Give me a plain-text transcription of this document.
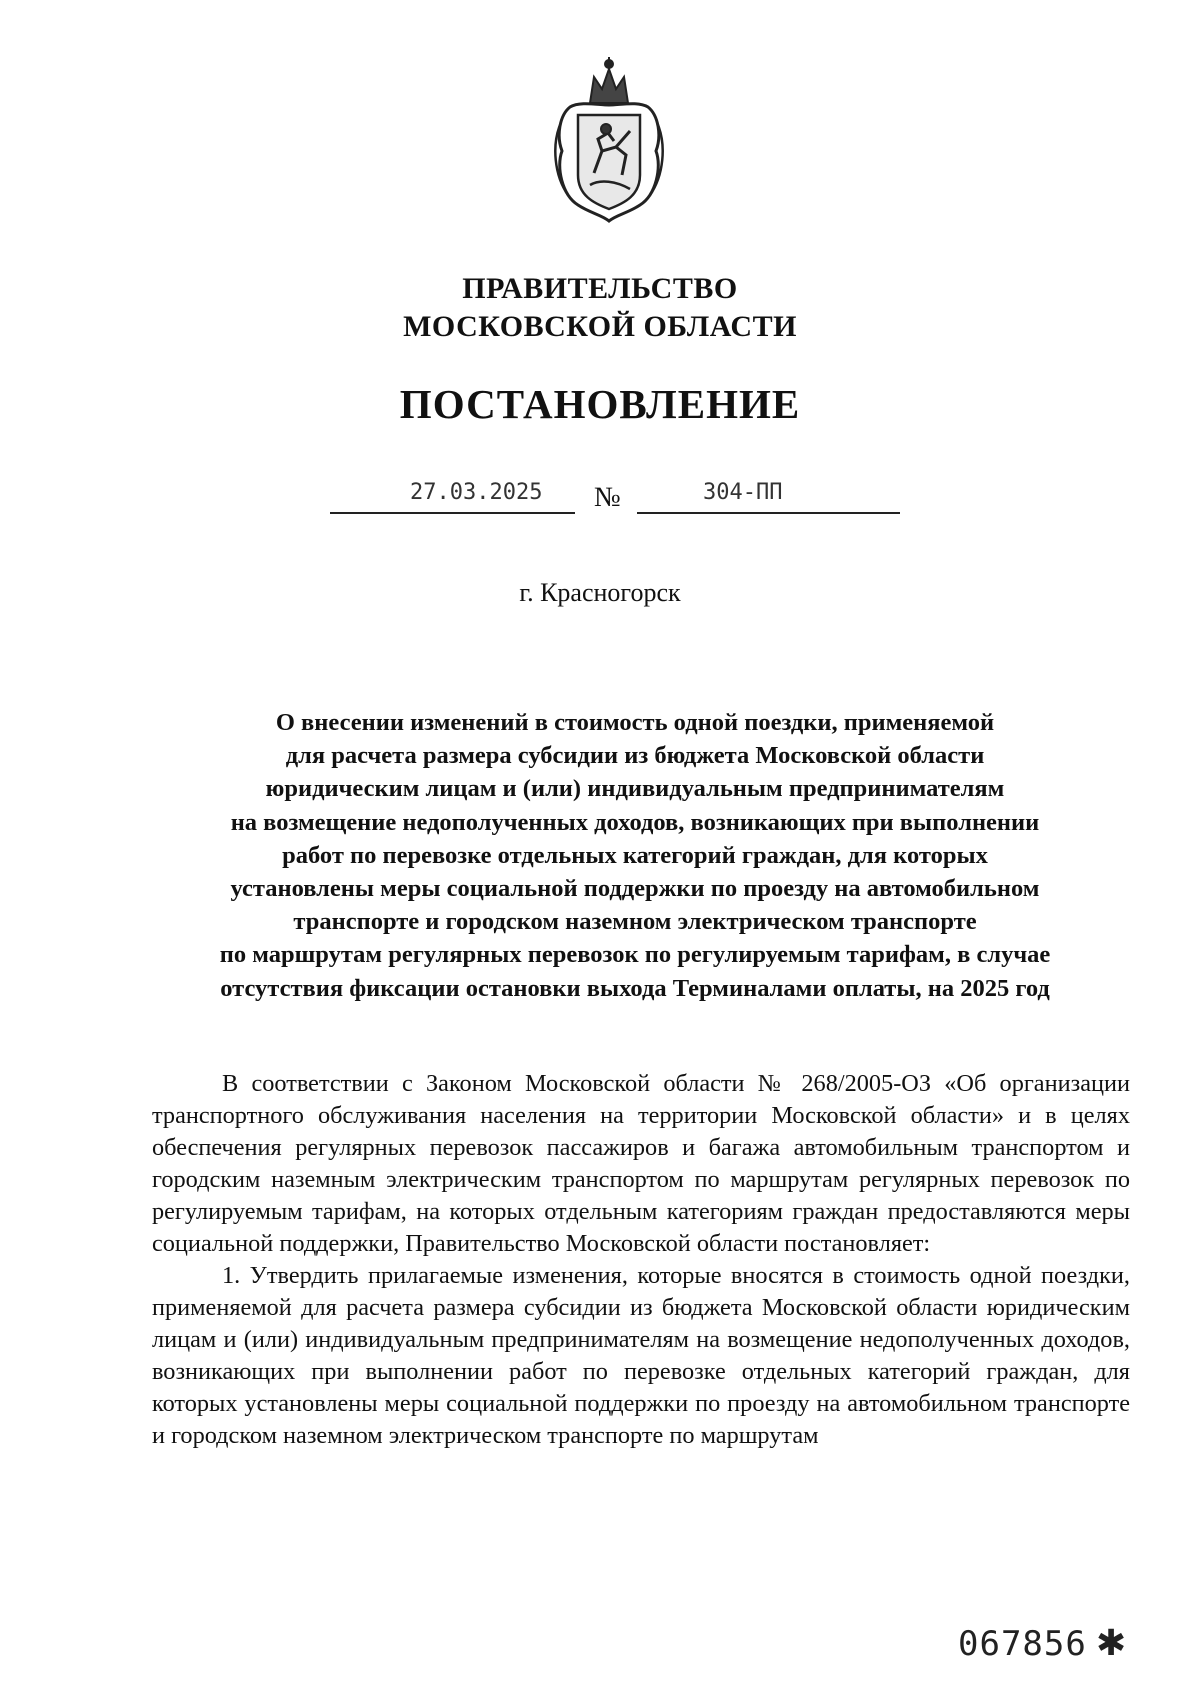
ПРАВИТЕЛЬСТВО
МОСКОВСКОЙ ОБЛАСТИ
ПОСТАНОВЛЕНИЕ
27.03.2025 №	304-ПП
г. Красногорск
О внесении изменений в стоимость одной поездки, применяемой
для расчета размера субсидии из бюджета Московской области
юридическим лицам и (или) индивидуальным предпринимателям
на возмещение недополученных доходов, возникающих при выполнении
работ по перевозке отдельных категорий граждан, для которых
установлены меры социальной поддержки по проезду на автомобильном
транспорте и городском наземном электрическом транспорте
по маршрутам регулярных перевозок по регулируемым тарифам, в случае
отсутствия фиксации остановки выхода Терминалами оплаты, на 2025 год

В соответствии с Законом Московской области № 268/2005-ОЗ «Об организации транспортного обслуживания населения на территории Московской области» и в целях обеспечения регулярных перевозок пассажиров и багажа автомобильным транспортом и городским наземным электрическим транспортом по маршрутам регулярных перевозок по регулируемым тарифам, на которых отдельным категориям граждан предоставляются меры социальной поддержки, Правительство Московской области постановляет:

1. Утвердить прилагаемые изменения, которые вносятся в стоимость одной поездки, применяемой для расчета размера субсидии из бюджета Московской области юридическим лицам и (или) индивидуальным предпринимателям на возмещение недополученных доходов, возникающих при выполнении работ по перевозке отдельных категорий граждан, для которых установлены меры социальной поддержки по проезду на автомобильном транспорте и городском наземном электрическом транспорте по маршрутам

067856 ✱
